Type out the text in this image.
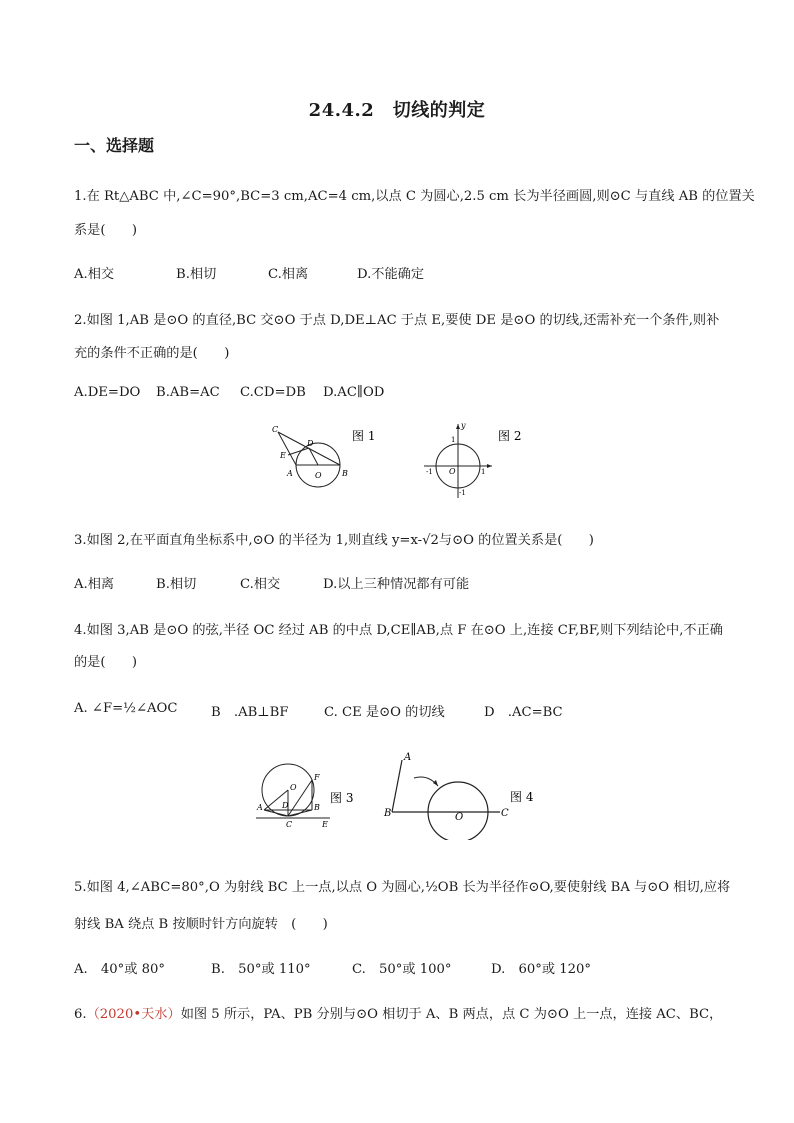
24.4.2　切线的判定
一、选择题
1.在 Rt△ABC 中,∠C=90°,BC=3 cm,AC=4 cm,以点 C 为圆心,2.5 cm 长为半径画圆,则⊙C 与直线 AB 的位置关
系是(　　)
A.相交	B.相切	C.相离	D.不能确定
2.如图 1,AB 是⊙O 的直径,BC 交⊙O 于点 D,DE⊥AC 于点 E,要使 DE 是⊙O 的切线,还需补充一个条件,则补
充的条件不正确的是(　　)
A.DE=DO B.AB=AC C.CD=DB D.AC∥OD
C
D
E
A	O	B
图 1
y
O
1
-1	1
-1
图 2
3.如图 2,在平面直角坐标系中,⊙O 的半径为 1,则直线 y=x-√2与⊙O 的位置关系是(　　)
A.相离	B.相切	C.相交	D.以上三种情况都有可能
4.如图 3,AB 是⊙O 的弦,半径 OC 经过 AB 的中点 D,CE∥AB,点 F 在⊙O 上,连接 CF,BF,则下列结论中,不正确
的是(　　)
A. ∠F=½∠AOC	B　.AB⊥BF	C. CE 是⊙O 的切线	D　.AC=BC
O
F
A D	B
C	E
图 3
A
B	O	C
图 4
5.如图 4,∠ABC=80°,O 为射线 BC 上一点,以点 O 为圆心,½OB 长为半径作⊙O,要使射线 BA 与⊙O 相切,应将
射线 BA 绕点 B 按顺时针方向旋转　(　　)
A.　40°或 80°	B.　50°或 110°	C.　50°或 100°	D.　60°或 120°
6.（2020•天水）如图 5 所示，PA、PB 分别与⊙O 相切于 A、B 两点，点 C 为⊙O 上一点，连接 AC、BC，
